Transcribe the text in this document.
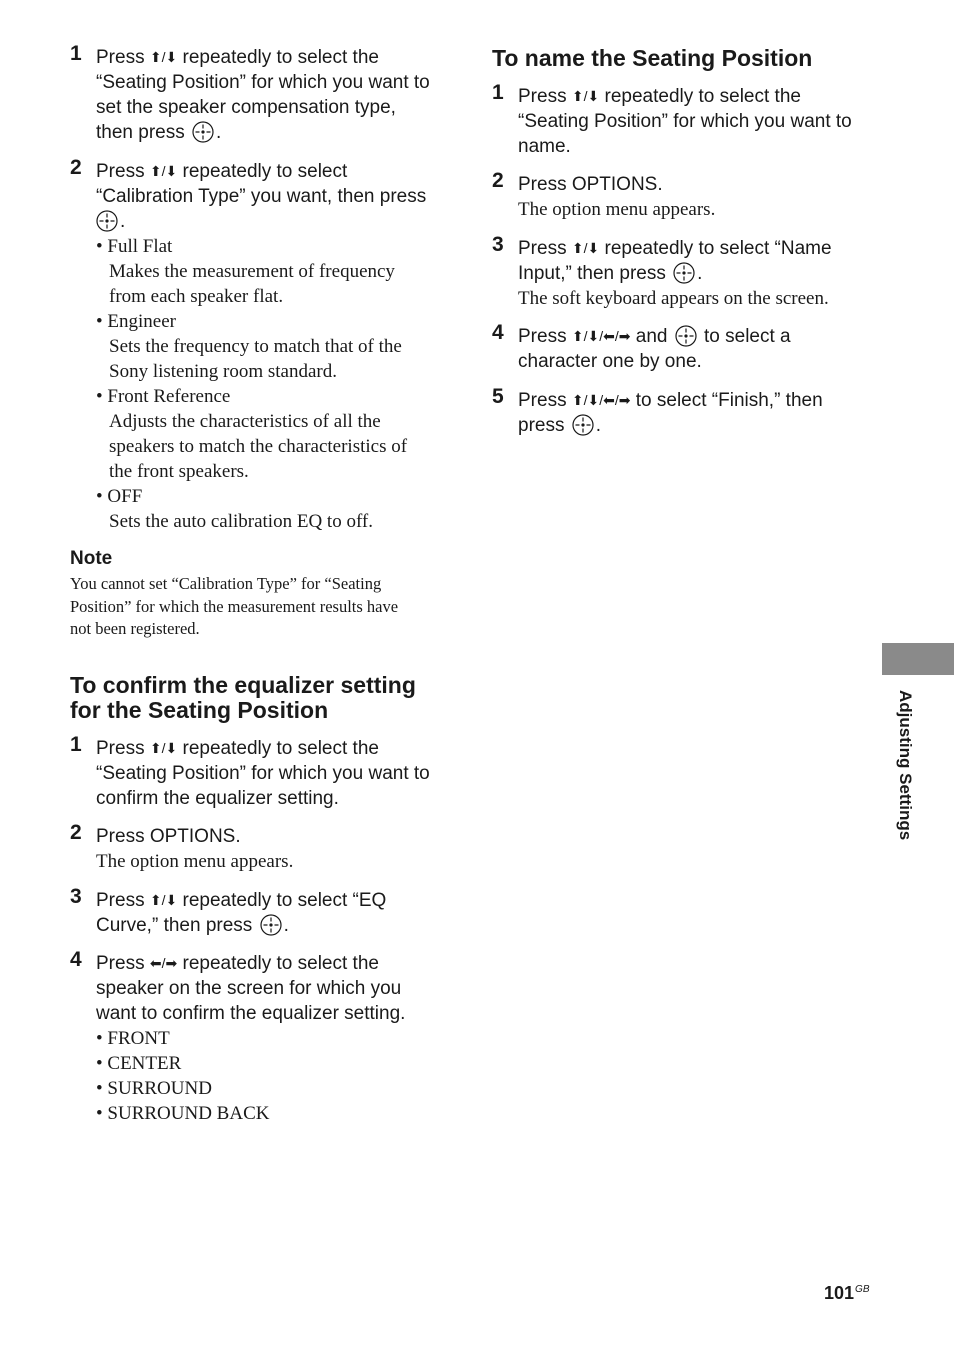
1 Press ⬆/⬇ repeatedly to select the
“Seating Position” for which you want to
set the speaker compensation type,
then press .
2 Press ⬆/⬇ repeatedly to select
“Calibration Type” you want, then press
.
• Full Flat
Makes the measurement of frequency
from each speaker flat.
• Engineer
Sets the frequency to match that of the
Sony listening room standard.
• Front Reference
Adjusts the characteristics of all the
speakers to match the characteristics of
the front speakers.
• OFF
Sets the auto calibration EQ to off.
Note
You cannot set “Calibration Type” for “Seating
Position” for which the measurement results have
not been registered.
To confirm the equalizer setting
for the Seating Position
1 Press ⬆/⬇ repeatedly to select the
“Seating Position” for which you want to
confirm the equalizer setting.
2 Press OPTIONS.
The option menu appears.
3 Press ⬆/⬇ repeatedly to select “EQ
Curve,” then press .
4 Press ⬅/➡ repeatedly to select the
speaker on the screen for which you
want to confirm the equalizer setting.
• FRONT
• CENTER
• SURROUND
• SURROUND BACK
To name the Seating Position
1 Press ⬆/⬇ repeatedly to select the
“Seating Position” for which you want to
name.
2 Press OPTIONS.
The option menu appears.
3 Press ⬆/⬇ repeatedly to select “Name
Input,” then press .
The soft keyboard appears on the screen.
4 Press ⬆/⬇/⬅/➡ and to select a
character one by one.
5 Press ⬆/⬇/⬅/➡ to select “Finish,” then
press .
Adjusting Settings
$101^{GB}$
